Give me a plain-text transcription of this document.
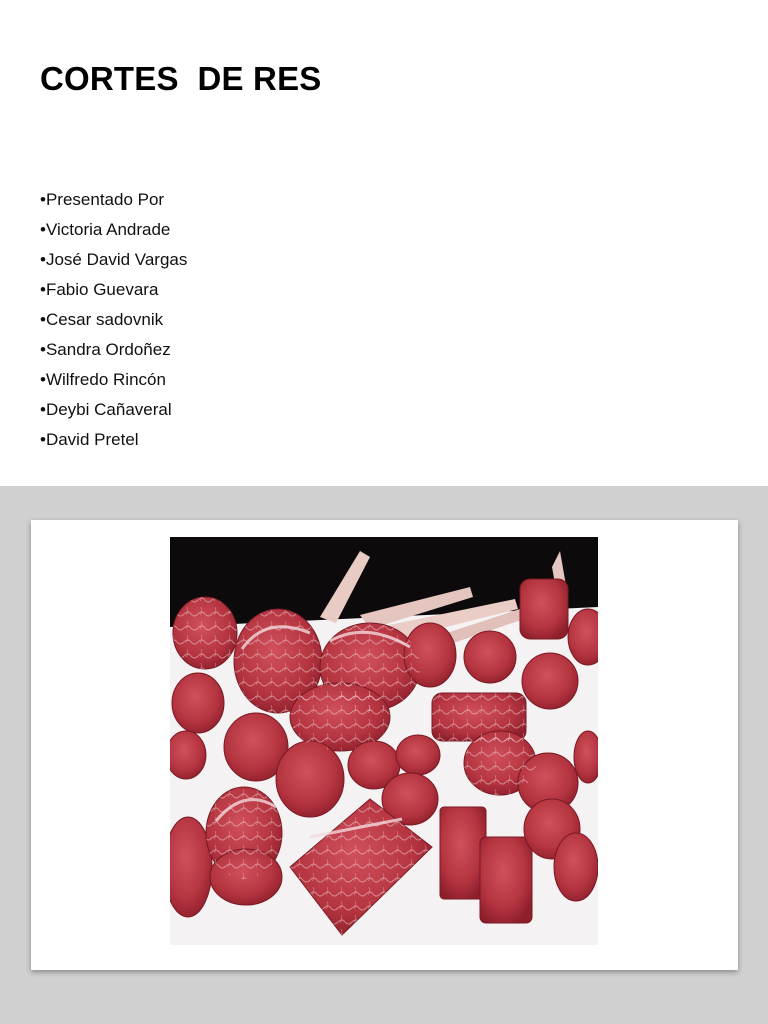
CORTES  DE RES
• Presentado Por
• Victoria Andrade
• José David Vargas
• Fabio Guevara
• Cesar sadovnik
• Sandra Ordoñez
• Wilfredo Rincón
• Deybi Cañaveral
• David Pretel
